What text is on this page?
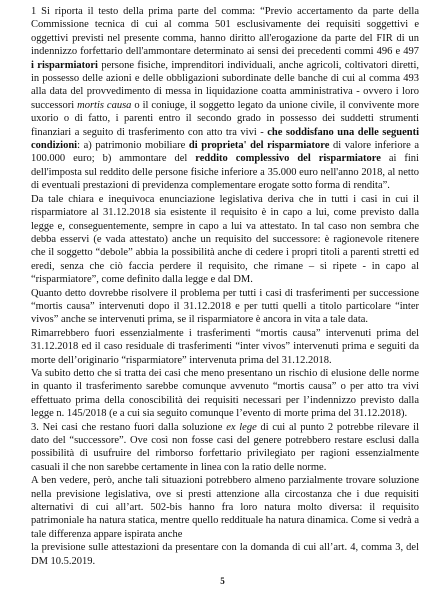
1 Si riporta il testo della prima parte del comma: “Previo accertamento da parte della Commissione tecnica di cui al comma 501 esclusivamente dei requisiti soggettivi e oggettivi previsti nel presente comma, hanno diritto all'erogazione da parte del FIR di un indennizzo forfettario dell'ammontare determinato ai sensi dei precedenti commi 496 e 497 i risparmiatori persone fisiche, imprenditori individuali, anche agricoli, coltivatori diretti, in possesso delle azioni e delle obbligazioni subordinate delle banche di cui al comma 493 alla data del provvedimento di messa in liquidazione coatta amministrativa - ovvero i loro successori mortis causa o il coniuge, il soggetto legato da unione civile, il convivente more uxorio o di fatto, i parenti entro il secondo grado in possesso dei suddetti strumenti finanziari a seguito di trasferimento con atto tra vivi - che soddisfano una delle seguenti condizioni: a) patrimonio mobiliare di proprieta' del risparmiatore di valore inferiore a 100.000 euro; b) ammontare del reddito complessivo del risparmiatore ai fini dell'imposta sul reddito delle persone fisiche inferiore a 35.000 euro nell'anno 2018, al netto di eventuali prestazioni di previdenza complementare erogate sotto forma di rendita”.

Da tale chiara e inequivoca enunciazione legislativa deriva che in tutti i casi in cui il risparmiatore al 31.12.2018 sia esistente il requisito è in capo a lui, come previsto dalla legge e, conseguentemente, sempre in capo a lui va attestato. In tal caso non sembra che debba esservi (e vada attestato) anche un requisito del successore: è ragionevole ritenere che il soggetto “debole” abbia la possibilità anche di cedere i propri titoli a parenti stretti ed eredi, senza che ciò faccia perdere il requisito, che rimane – si ripete - in capo al “risparmiatore”, come definito dalla legge e dal DM.

Quanto detto dovrebbe risolvere il problema per tutti i casi di trasferimenti per successione “mortis causa” intervenuti dopo il 31.12.2018 e per tutti quelli a titolo particolare “inter vivos” anche se intervenuti prima, se il risparmiatore è ancora in vita a tale data.

Rimarrebbero fuori essenzialmente i trasferimenti “mortis causa” intervenuti prima del 31.12.2018 ed il caso residuale di trasferimenti “inter vivos” intervenuti prima e seguiti da morte dell’originario “risparmiatore” intervenuta prima del 31.12.2018.

Va subito detto che si tratta dei casi che meno presentano un rischio di elusione delle norme in quanto il trasferimento sarebbe comunque avvenuto “mortis causa” o per atto tra vivi effettuato prima della conoscibilità dei requisiti necessari per l’indennizzo previsto dalla legge n. 145/2018 (e a cui sia seguito comunque l’evento di morte prima del 31.12.2018).

3. Nei casi che restano fuori dalla soluzione ex lege di cui al punto 2 potrebbe rilevare il dato del “successore”. Ove così non fosse casi del genere potrebbero restare esclusi dalla possibilità di usufruire del rimborso forfettario privilegiato per ragioni essenzialmente casuali il che non sarebbe certamente in linea con la ratio delle norme.

A ben vedere, però, anche tali situazioni potrebbero almeno parzialmente trovare soluzione nella previsione legislativa, ove si presti attenzione alla circostanza che i due requisiti alternativi di cui all’art. 502-bis hanno fra loro natura molto diversa: il requisito patrimoniale ha natura statica, mentre quello reddituale ha natura dinamica. Come si vedrà a tale differenza appare ispirata anche

la previsione sulle attestazioni da presentare con la domanda di cui all’art. 4, comma 3, del DM 10.5.2019.

5
